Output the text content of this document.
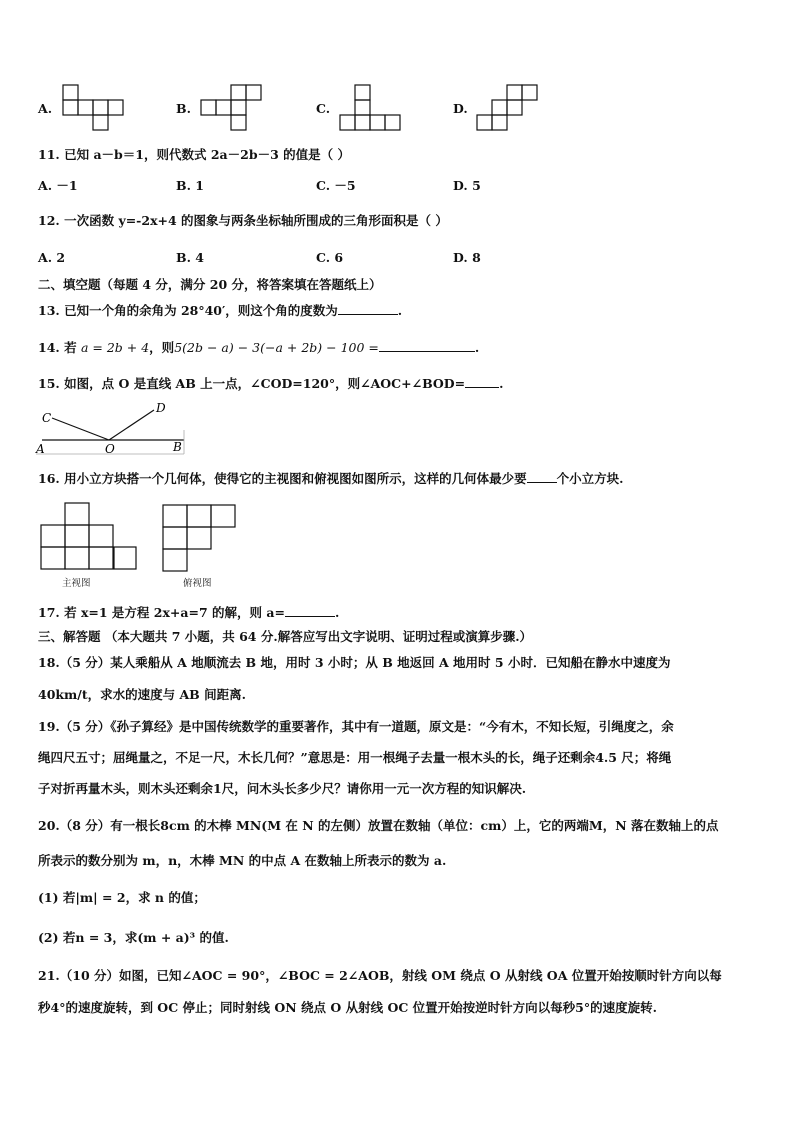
A.	B.	C.	D.
11. 已知 a－b＝1，则代数式 2a－2b－3 的值是（ ）
A. －1	B. 1	C. －5	D. 5
12. 一次函数 y=-2x+4 的图象与两条坐标轴所围成的三角形面积是（ ）
A. 2	B. 4	C. 6	D. 8
二、填空题（每题 4 分，满分 20 分，将答案填在答题纸上）
13. 已知一个角的余角为 28°40′，则这个角的度数为	.
14. 若 a = 2b + 4，则5(2b − a) − 3(−a + 2b) − 100 =	.
15. 如图，点 O 是直线 AB 上一点，∠COD=120°，则∠AOC+∠BOD=	.
A	O	B
C
D
16. 用小立方块搭一个几何体，使得它的主视图和俯视图如图所示，这样的几何体最少要 个小立方块.
主视图	俯视图
17. 若 x=1 是方程 2x+a=7 的解，则 a=	.
三、解答题 （本大题共 7 小题，共 64 分.解答应写出文字说明、证明过程或演算步骤.）
18.（5 分）某人乘船从 A 地顺流去 B 地，用时 3 小时；从 B 地返回 A 地用时 5 小时．已知船在静水中速度为
40km/t，求水的速度与 AB 间距离.
19.（5 分）《孙子算经》是中国传统数学的重要著作，其中有一道题，原文是：“今有木，不知长短，引绳度之，余
绳四尺五寸；屈绳量之，不足一尺，木长几何？”意思是：用一根绳子去量一根木头的长，绳子还剩余4.5 尺；将绳
子对折再量木头，则木头还剩余1尺，问木头长多少尺？请你用一元一次方程的知识解决.
20.（8 分）有一根长8cm 的木棒 MN(M 在 N 的左侧）放置在数轴（单位：cm）上，它的两端M，N 落在数轴上的点
所表示的数分别为 m，n，木棒 MN 的中点 A 在数轴上所表示的数为 a.
(1) 若|m| = 2，求 n 的值；
(2) 若n = 3，求(m + a)³ 的值.
21.（10 分）如图，已知∠AOC = 90°，∠BOC = 2∠AOB，射线 OM 绕点 O 从射线 OA 位置开始按顺时针方向以每
秒4°的速度旋转，到 OC 停止；同时射线 ON 绕点 O 从射线 OC 位置开始按逆时针方向以每秒5°的速度旋转.
